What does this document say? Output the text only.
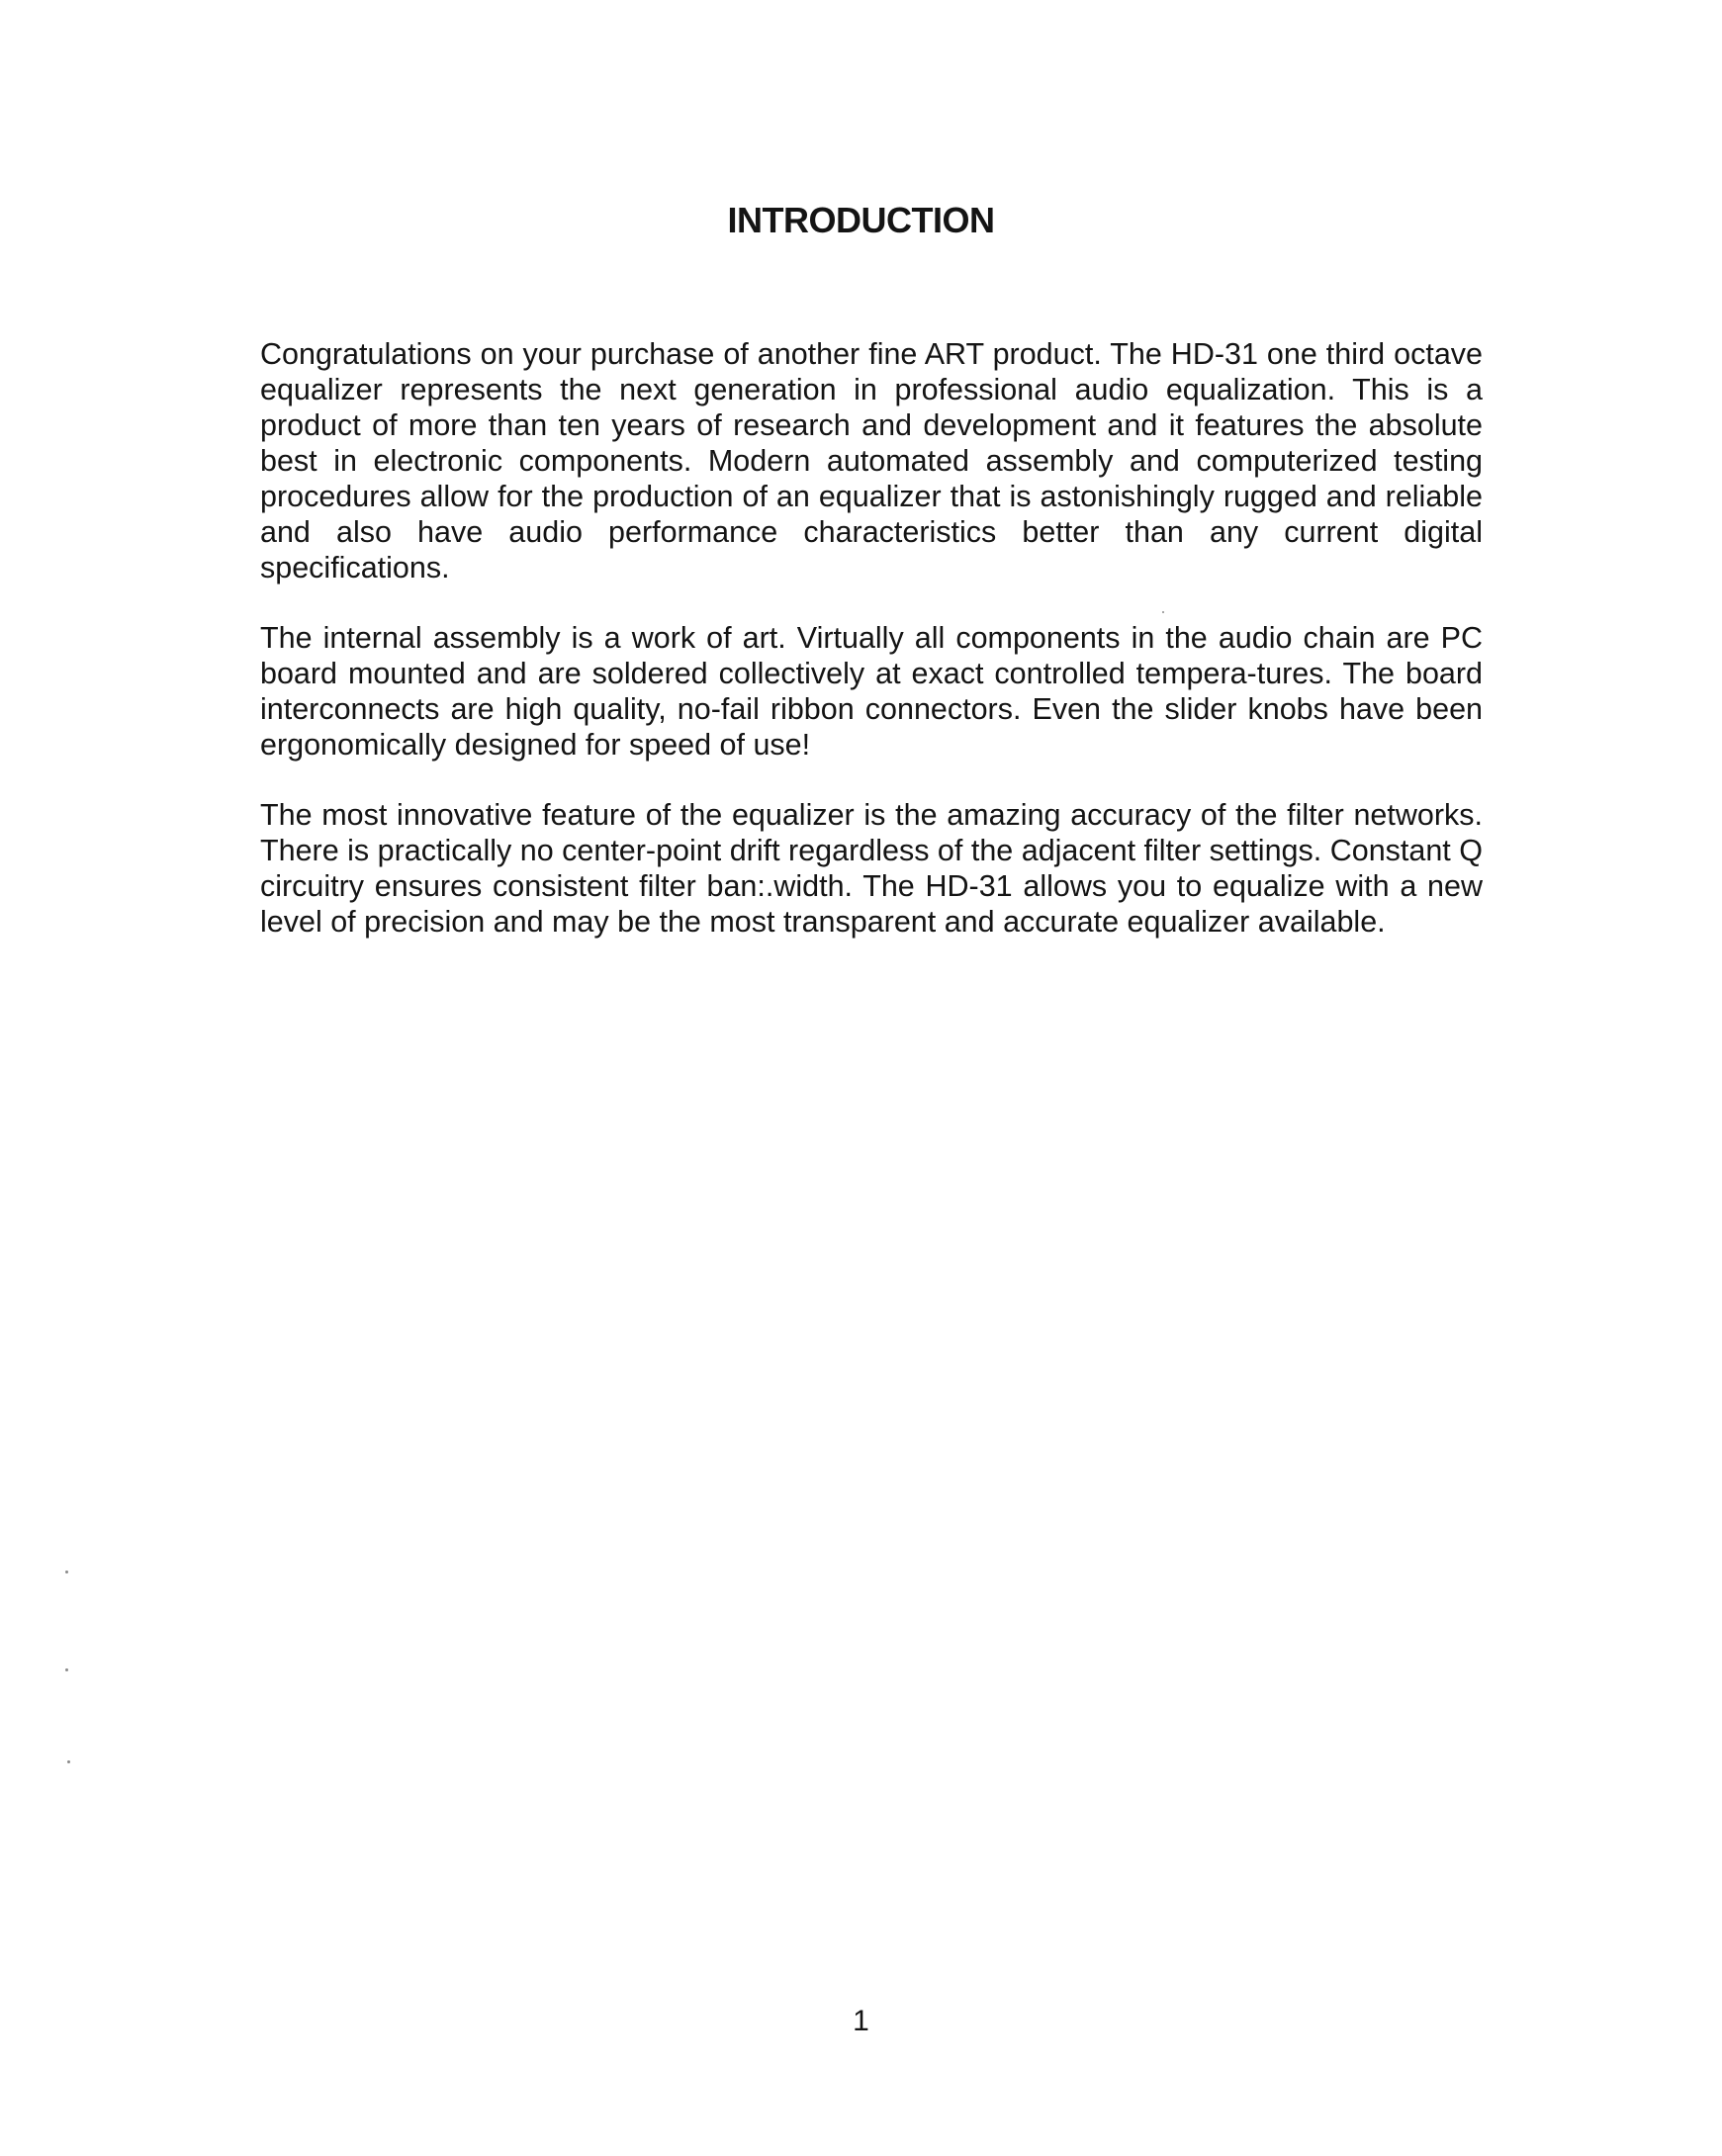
INTRODUCTION

Congratulations on your purchase of another fine ART product. The HD-31 one third octave equalizer represents the next generation in professional audio equalization. This is a product of more than ten years of research and development and it features the absolute best in electronic components. Modern automated assembly and computerized testing procedures allow for the production of an equalizer that is astonishingly rugged and reliable and also have audio performance characteristics better than any current digital specifications.

The internal assembly is a work of art. Virtually all components in the audio chain are PC board mounted and are soldered collectively at exact controlled tempera-tures. The board interconnects are high quality, no-fail ribbon connectors. Even the slider knobs have been ergonomically designed for speed of use!

The most innovative feature of the equalizer is the amazing accuracy of the filter networks. There is practically no center-point drift regardless of the adjacent filter settings. Constant Q circuitry ensures consistent filter ban:.width. The HD-31 allows you to equalize with a new level of precision and may be the most transparent and accurate equalizer available.

1
